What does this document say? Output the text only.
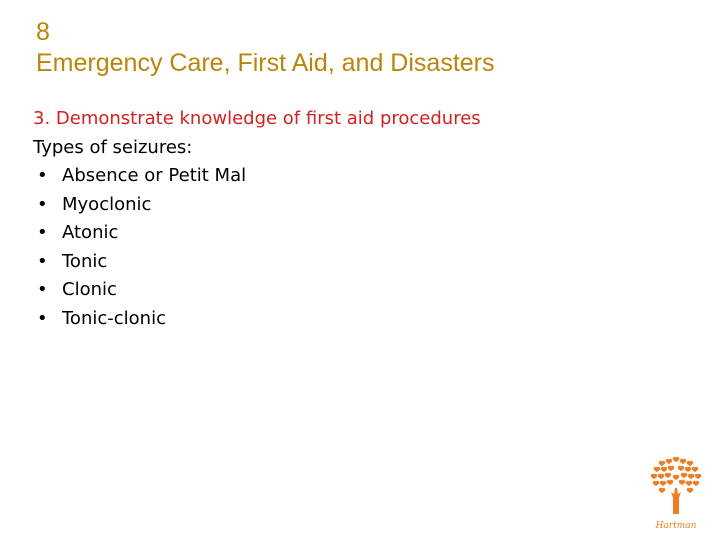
8
Emergency Care, First Aid, and Disasters
3. Demonstrate knowledge of first aid procedures
Types of seizures:
• Absence or Petit Mal
• Myoclonic
• Atonic
• Tonic
• Clonic
• Tonic-clonic
Hartman
